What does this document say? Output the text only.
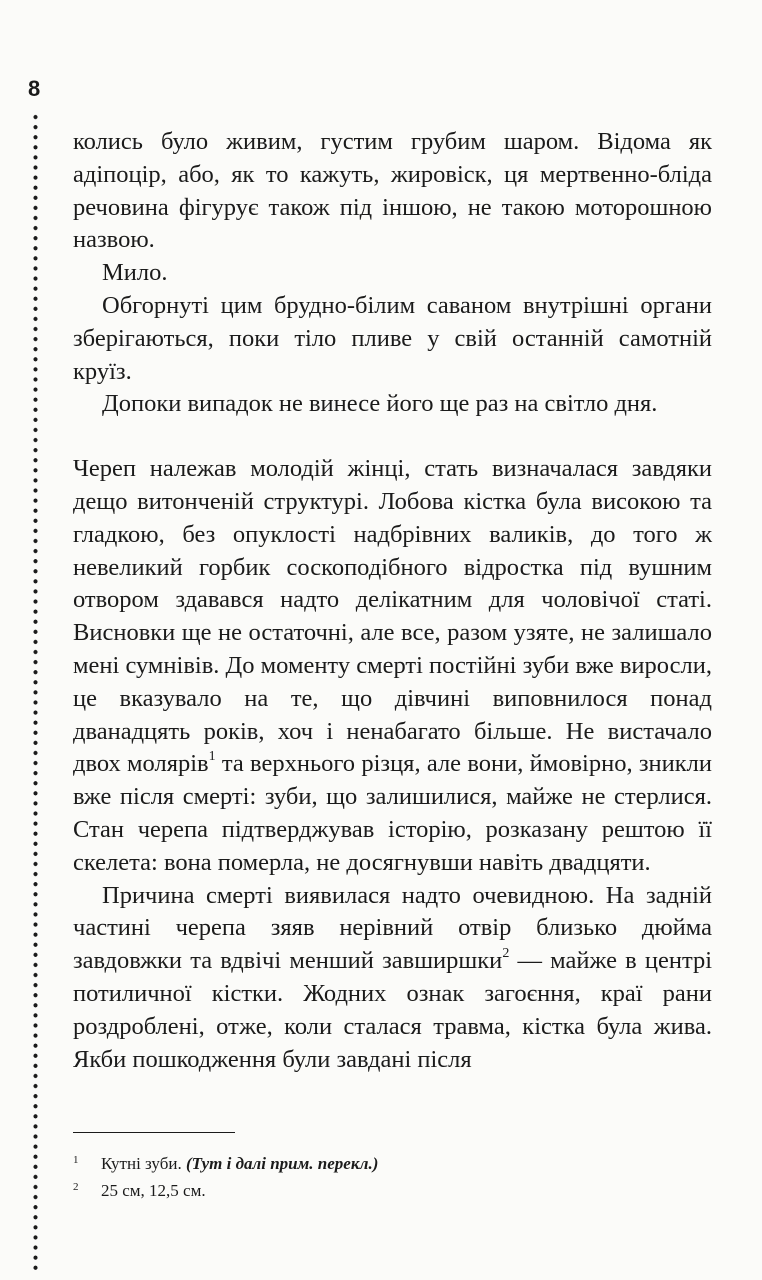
8

колись було живим, густим грубим шаром. Відома як адіпоцір, або, як то кажуть, жировіск, ця мертвенно-бліда речовина фігурує також під іншою, не такою моторошною назвою.

Мило.

Обгорнуті цим брудно-білим саваном внутрішні органи зберігаються, поки тіло пливе у свій останній самотній круїз.

Допоки випадок не винесе його ще раз на світло дня.

Череп належав молодій жінці, стать визначалася завдяки дещо витонченій структурі. Лобова кістка була високою та гладкою, без опуклості надбрівних валиків, до того ж невеликий горбик соскоподібного відростка під вушним отвором здавався надто делікатним для чоловічої статі. Висновки ще не остаточні, але все, разом узяте, не залишало мені сумнівів. До моменту смерті постійні зуби вже виросли, це вказувало на те, що дівчині виповнилося понад дванадцять років, хоч і ненабагато більше. Не вистачало двох молярів$^1$ та верхнього різця, але вони, ймовірно, зникли вже після смерті: зуби, що залишилися, майже не стерлися. Стан черепа підтверджував історію, розказану рештою її скелета: вона померла, не досягнувши навіть двадцяти.

Причина смерті виявилася надто очевидною. На задній частині черепа зяяв нерівний отвір близько дюйма завдовжки та вдвічі менший завширшки$^2$ — майже в центрі потиличної кістки. Жодних ознак загоєння, краї рани роздроблені, отже, коли сталася травма, кістка була жива. Якби пошкодження були завдані після

1 Кутні зуби. (Тут і далі прим. перекл.)
2 25 см, 12,5 см.
